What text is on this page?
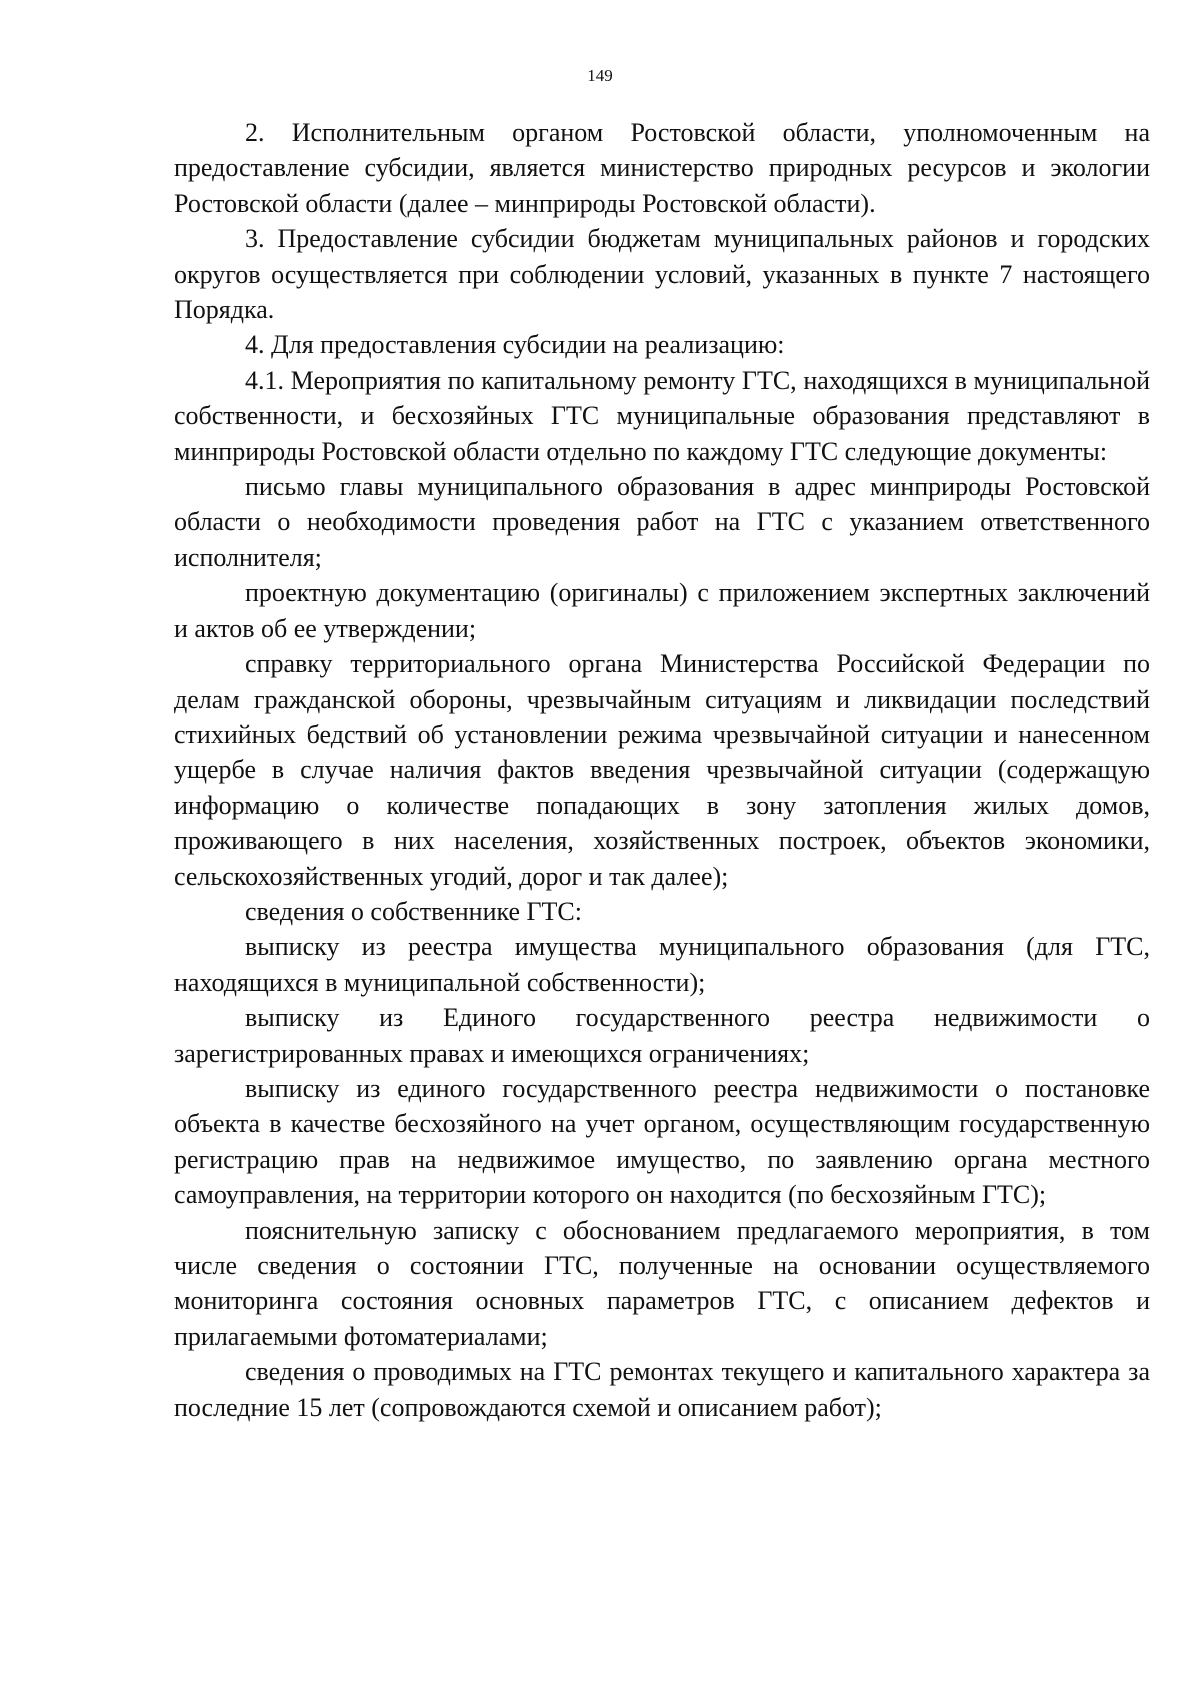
149

2. Исполнительным органом Ростовской области, уполномоченным на предоставление субсидии, является министерство природных ресурсов и экологии Ростовской области (далее – минприроды Ростовской области).

3. Предоставление субсидии бюджетам муниципальных районов и городских округов осуществляется при соблюдении условий, указанных в пункте 7 настоящего Порядка.

4. Для предоставления субсидии на реализацию:

4.1. Мероприятия по капитальному ремонту ГТС, находящихся в муниципальной собственности, и бесхозяйных ГТС муниципальные образования представляют в минприроды Ростовской области отдельно по каждому ГТС следующие документы:

письмо главы муниципального образования в адрес минприроды Ростовской области о необходимости проведения работ на ГТС с указанием ответственного исполнителя;

проектную документацию (оригиналы) с приложением экспертных заключений и актов об ее утверждении;

справку территориального органа Министерства Российской Федерации по делам гражданской обороны, чрезвычайным ситуациям и ликвидации последствий стихийных бедствий об установлении режима чрезвычайной ситуации и нанесенном ущербе в случае наличия фактов введения чрезвычайной ситуации (содержащую информацию о количестве попадающих в зону затопления жилых домов, проживающего в них населения, хозяйственных построек, объектов экономики, сельскохозяйственных угодий, дорог и так далее);

сведения о собственнике ГТС:

выписку из реестра имущества муниципального образования (для ГТС, находящихся в муниципальной собственности);

выписку из Единого государственного реестра недвижимости о зарегистрированных правах и имеющихся ограничениях;

выписку из единого государственного реестра недвижимости о постановке объекта в качестве бесхозяйного на учет органом, осуществляющим государственную регистрацию прав на недвижимое имущество, по заявлению органа местного самоуправления, на территории которого он находится (по бесхозяйным ГТС);

пояснительную записку с обоснованием предлагаемого мероприятия, в том числе сведения о состоянии ГТС, полученные на основании осуществляемого мониторинга состояния основных параметров ГТС, с описанием дефектов и прилагаемыми фотоматериалами;

сведения о проводимых на ГТС ремонтах текущего и капитального характера за последние 15 лет (сопровождаются схемой и описанием работ);
